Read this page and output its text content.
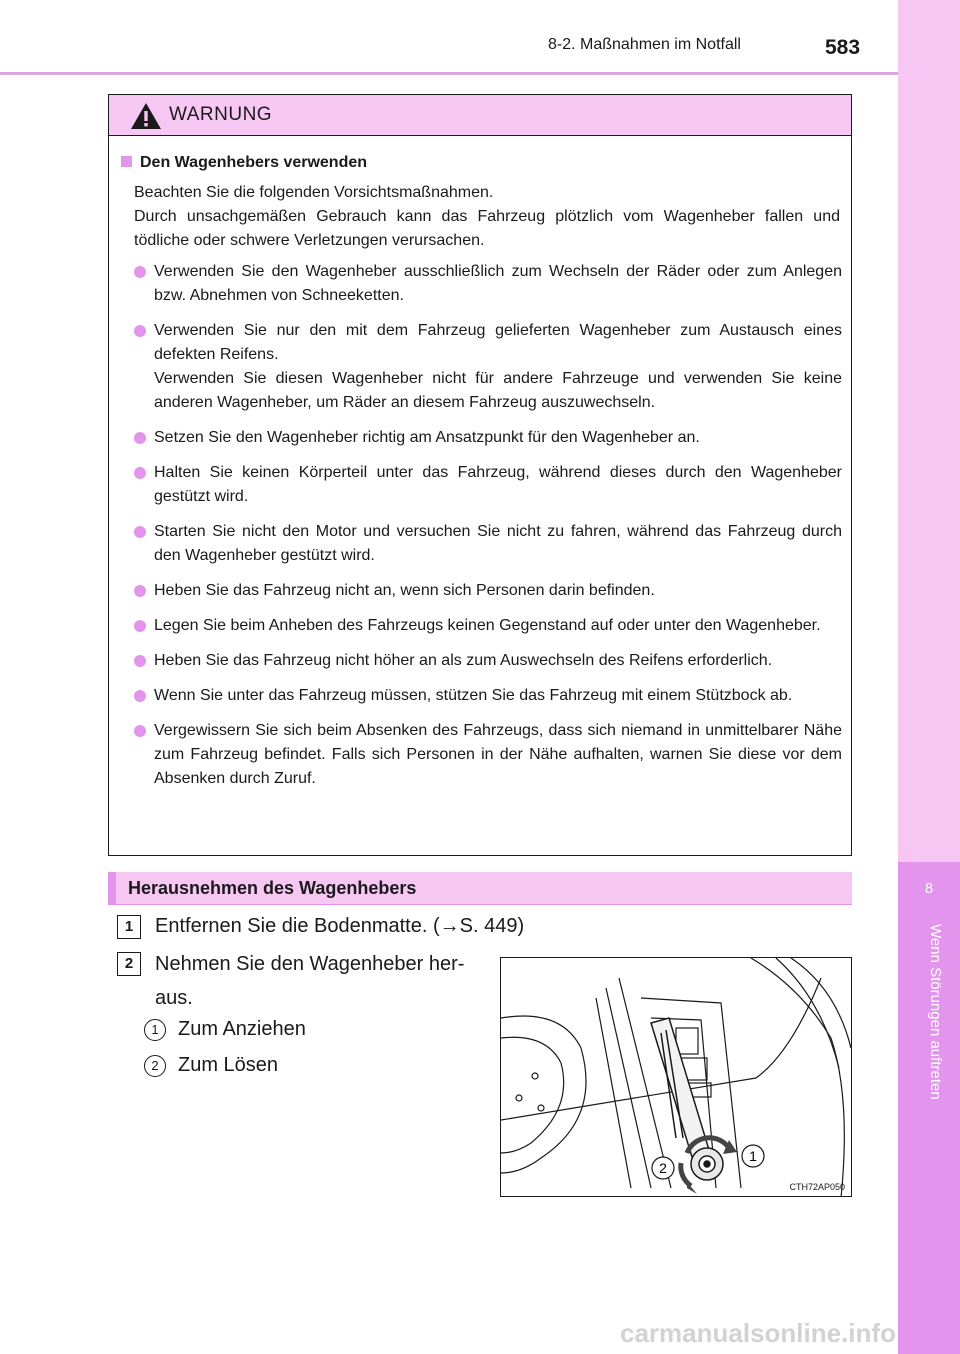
8
Wenn Störungen auftreten
8-2. Maßnahmen im Notfall	583
WARNUNG
Den Wagenhebers verwenden

Beachten Sie die folgenden Vorsichtsmaßnahmen.

Durch unsachgemäßen Gebrauch kann das Fahrzeug plötzlich vom Wagenheber fallen und tödliche oder schwere Verletzungen verursachen.

Verwenden Sie den Wagenheber ausschließlich zum Wechseln der Räder oder zum Anlegen bzw. Abnehmen von Schneeketten.

Verwenden Sie nur den mit dem Fahrzeug gelieferten Wagenheber zum Austausch eines defekten Reifens.

Verwenden Sie diesen Wagenheber nicht für andere Fahrzeuge und verwenden Sie keine anderen Wagenheber, um Räder an diesem Fahrzeug auszuwechseln.

Setzen Sie den Wagenheber richtig am Ansatzpunkt für den Wagenheber an.

Halten Sie keinen Körperteil unter das Fahrzeug, während dieses durch den Wagenheber gestützt wird.

Starten Sie nicht den Motor und versuchen Sie nicht zu fahren, während das Fahrzeug durch den Wagenheber gestützt wird.

Heben Sie das Fahrzeug nicht an, wenn sich Personen darin befinden.

Legen Sie beim Anheben des Fahrzeugs keinen Gegenstand auf oder unter den Wagenheber.

Heben Sie das Fahrzeug nicht höher an als zum Auswechseln des Reifens erforderlich.

Wenn Sie unter das Fahrzeug müssen, stützen Sie das Fahrzeug mit einem Stützbock ab.

Vergewissern Sie sich beim Absenken des Fahrzeugs, dass sich niemand in unmittelbarer Nähe zum Fahrzeug befindet. Falls sich Personen in der Nähe aufhalten, warnen Sie diese vor dem Absenken durch Zuruf.

Herausnehmen des Wagenhebers
1	Entfernen Sie die Bodenmatte. (→S. 449)
2	Nehmen Sie den Wagenheber her-
aus.
1 Zum Anziehen
2 Zum Lösen
1
2
CTH72AP050
carmanualsonline.info
